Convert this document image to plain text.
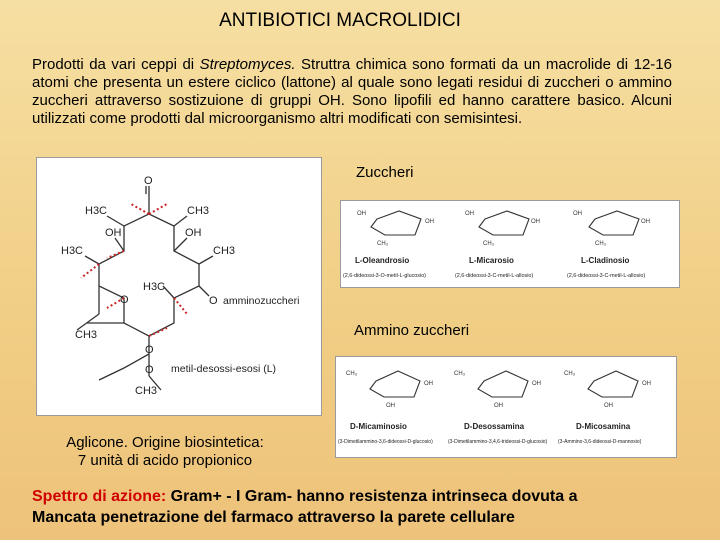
ANTIBIOTICI MACROLIDICI
Prodotti da vari ceppi di Streptomyces. Struttra chimica sono formati da un macrolide di 12-16 atomi che presenta un estere ciclico (lattone) al quale sono legati residui di zuccheri o ammino zuccheri attraverso sostizuione di gruppi OH. Sono lipofili ed hanno carattere basico. Alcuni utilizzati come prodotti dal microorganismo altri modificati con semisintesi.
O
H3C	CH3
OH	OH
H3C	CH3
H3C
O
O
CH3
O
O
CH3
amminozuccheri
metil-desossi-esosi (L)
Zuccheri
OH
OH
CH₃
OH
OH
CH₃
OH
OH
CH₃
L-Oleandrosio	L-Micarosio	L-Cladinosio
(2,6-dideossi-3-O-metil-L-glucosio)	(2,6-dideossi-3-C-metil-L-allosio)	(2,6-dideossi-3-C-metil-L-allosio)
Ammino zuccheri
CH₃
OH
OH
CH₃
OH
OH
CH₃
OH
OH
D-Micaminosio	D-Desossamina	D-Micosamina
(3-Dimetilammino-3,6-dideossi-D-glucosio)	(3-Dimetilammino-3,4,6-trideossi-D-glucosio) (3-Ammino-3,6-dideossi-D-mannosio)
Aglicone. Origine biosintetica:
7 unità di acido propionico
Spettro di azione: Gram+ - I Gram- hanno resistenza intrinseca dovuta a
Mancata penetrazione del farmaco attraverso la parete cellulare
